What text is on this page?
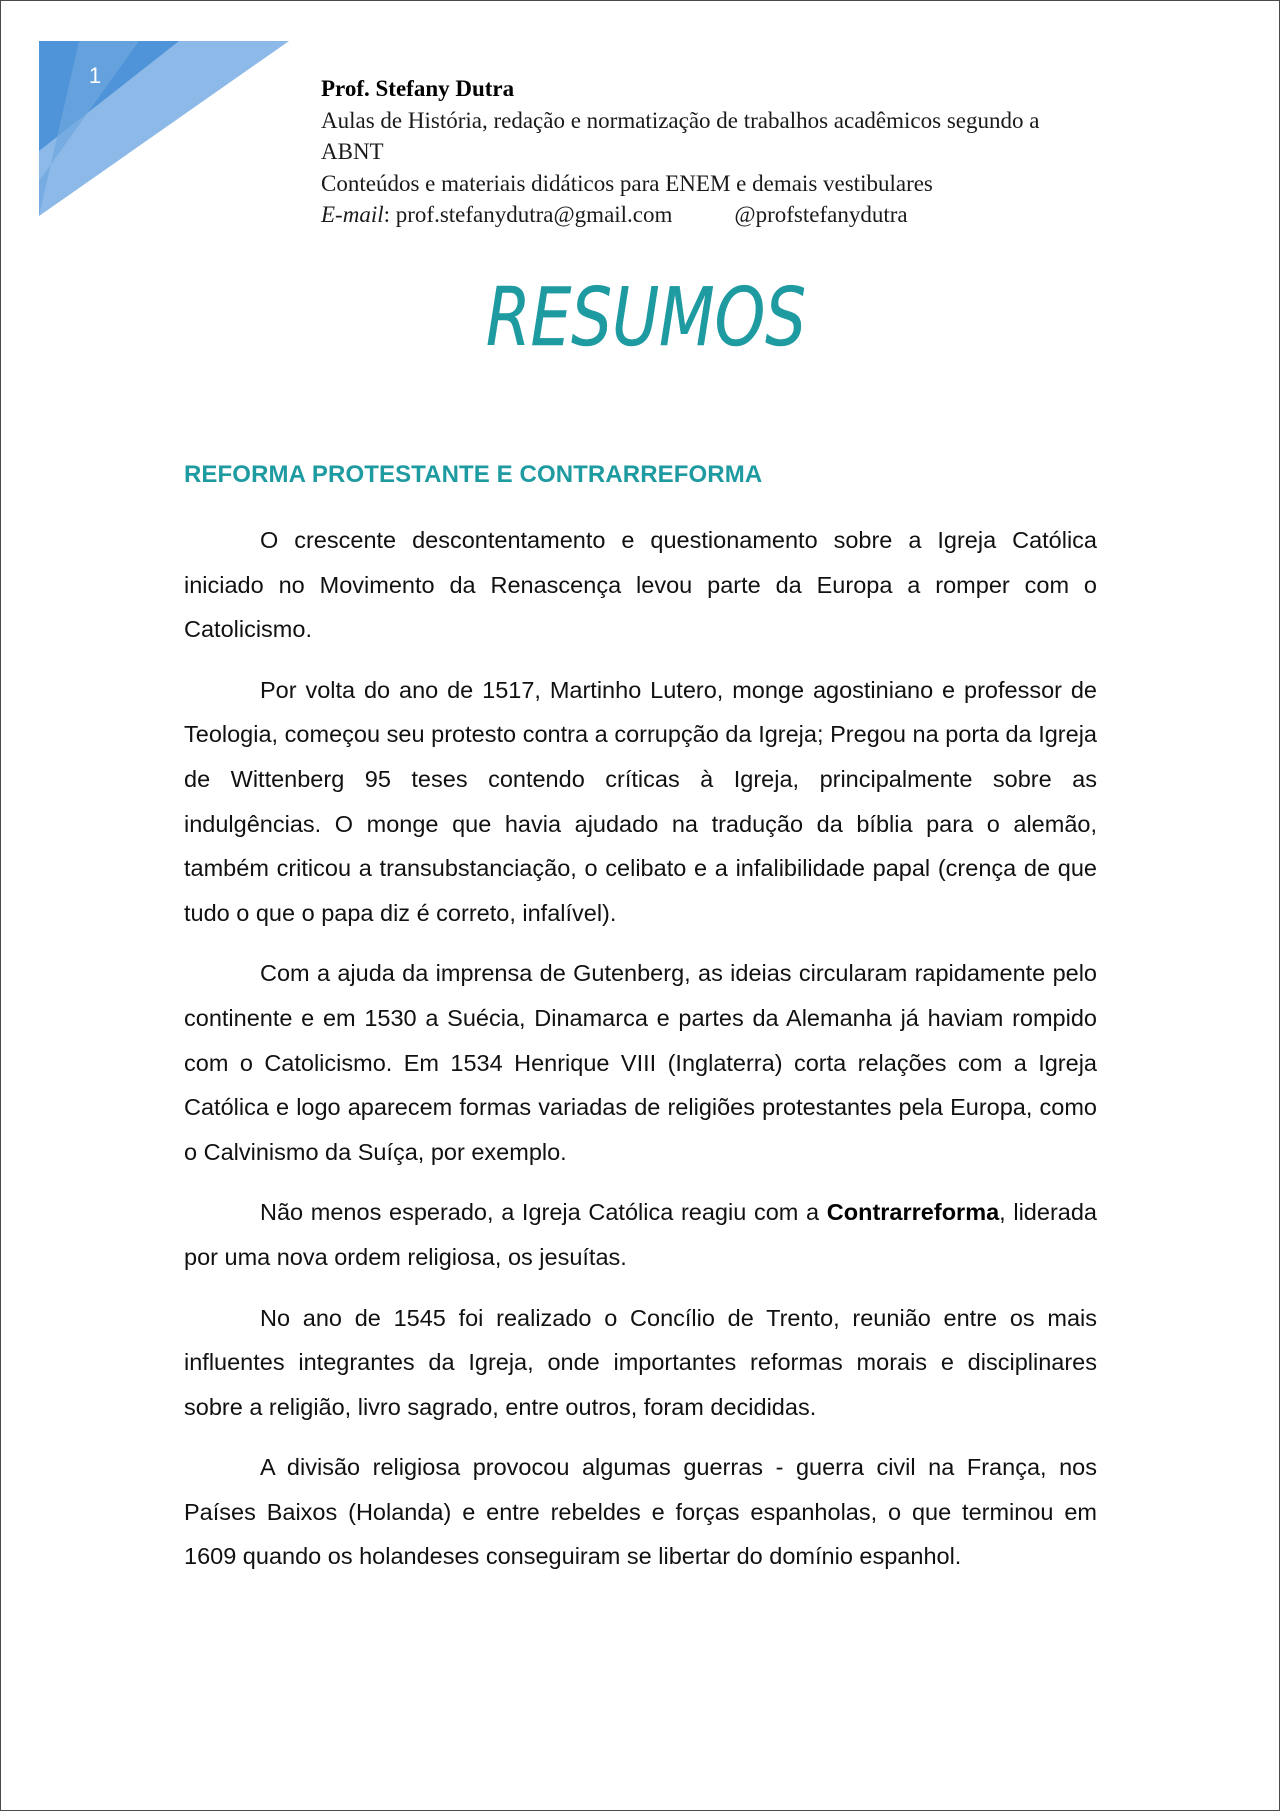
1
Prof. Stefany Dutra
Aulas de História, redação e normatização de trabalhos acadêmicos segundo a ABNT
Conteúdos e materiais didáticos para ENEM e demais vestibulares
E-mail: prof.stefanydutra@gmail.com	@profstefanydutra
RESUMOS
REFORMA PROTESTANTE E CONTRARREFORMA

O crescente descontentamento e questionamento sobre a Igreja Católica iniciado no Movimento da Renascença levou parte da Europa a romper com o Catolicismo.

Por volta do ano de 1517, Martinho Lutero, monge agostiniano e professor de Teologia, começou seu protesto contra a corrupção da Igreja; Pregou na porta da Igreja de Wittenberg 95 teses contendo críticas à Igreja, principalmente sobre as indulgências. O monge que havia ajudado na tradução da bíblia para o alemão, também criticou a transubstanciação, o celibato e a infalibilidade papal (crença de que tudo o que o papa diz é correto, infalível).

Com a ajuda da imprensa de Gutenberg, as ideias circularam rapidamente pelo continente e em 1530 a Suécia, Dinamarca e partes da Alemanha já haviam rompido com o Catolicismo. Em 1534 Henrique VIII (Inglaterra) corta relações com a Igreja Católica e logo aparecem formas variadas de religiões protestantes pela Europa, como o Calvinismo da Suíça, por exemplo.

Não menos esperado, a Igreja Católica reagiu com a Contrarreforma, liderada por uma nova ordem religiosa, os jesuítas.

No ano de 1545 foi realizado o Concílio de Trento, reunião entre os mais influentes integrantes da Igreja, onde importantes reformas morais e disciplinares sobre a religião, livro sagrado, entre outros, foram decididas.

A divisão religiosa provocou algumas guerras - guerra civil na França, nos Países Baixos (Holanda) e entre rebeldes e forças espanholas, o que terminou em 1609 quando os holandeses conseguiram se libertar do domínio espanhol.
